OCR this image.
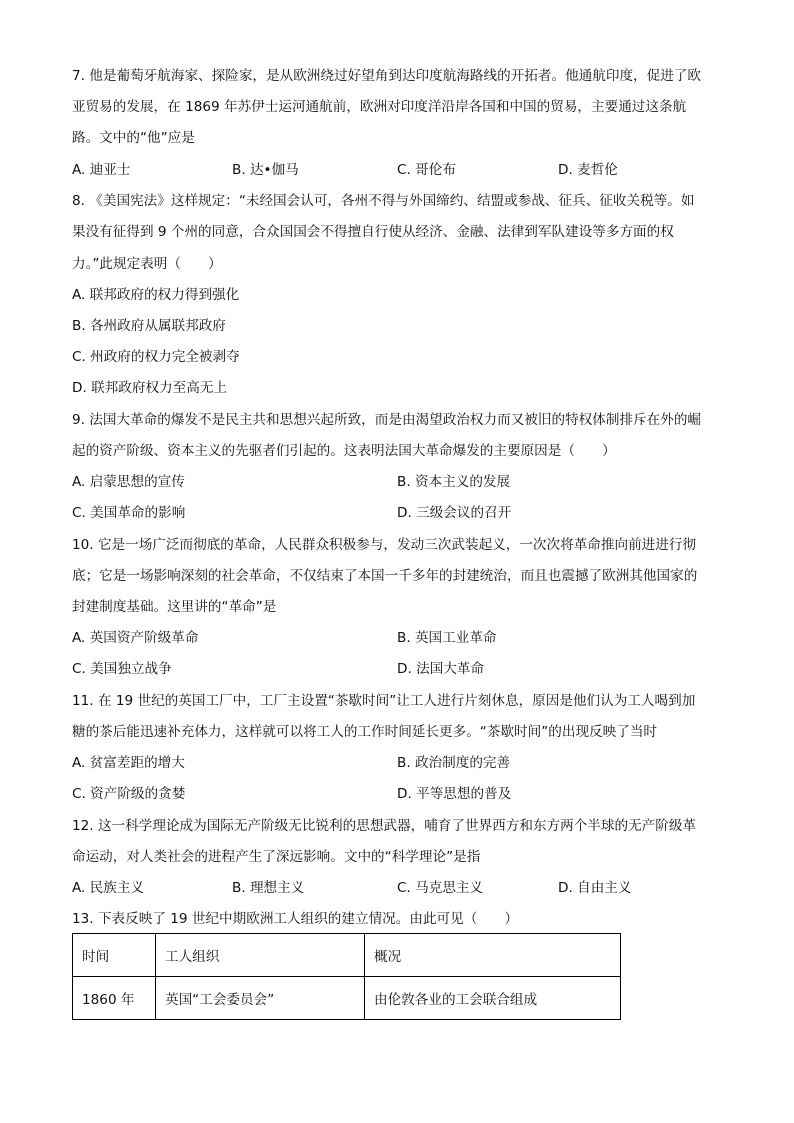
7. 他是葡萄牙航海家、探险家，是从欧洲绕过好望角到达印度航海路线的开拓者。他通航印度，促进了欧
亚贸易的发展，在 1869 年苏伊士运河通航前，欧洲对印度洋沿岸各国和中国的贸易，主要通过这条航
路。文中的“他”应是
A. 迪亚士	B. 达•伽马	C. 哥伦布	D. 麦哲伦
8. 《美国宪法》这样规定：“未经国会认可，各州不得与外国缔约、结盟或参战、征兵、征收关税等。如
果没有征得到 9 个州的同意，合众国国会不得擅自行使从经济、金融、法律到军队建设等多方面的权
力。”此规定表明（　　）
A. 联邦政府的权力得到强化
B. 各州政府从属联邦政府
C. 州政府的权力完全被剥夺
D. 联邦政府权力至高无上
9. 法国大革命的爆发不是民主共和思想兴起所致，而是由渴望政治权力而又被旧的特权体制排斥在外的崛
起的资产阶级、资本主义的先驱者们引起的。这表明法国大革命爆发的主要原因是（　　）
A. 启蒙思想的宣传	B. 资本主义的发展
C. 美国革命的影响	D. 三级会议的召开
10. 它是一场广泛而彻底的革命，人民群众积极参与，发动三次武装起义，一次次将革命推向前进进行彻
底；它是一场影响深刻的社会革命，不仅结束了本国一千多年的封建统治，而且也震撼了欧洲其他国家的
封建制度基础。这里讲的“革命”是
A. 英国资产阶级革命	B. 英国工业革命
C. 美国独立战争	D. 法国大革命
11. 在 19 世纪的英国工厂中，工厂主设置“茶歇时间”让工人进行片刻休息，原因是他们认为工人喝到加
糖的茶后能迅速补充体力，这样就可以将工人的工作时间延长更多。“茶歇时间”的出现反映了当时
A. 贫富差距的增大	B. 政治制度的完善
C. 资产阶级的贪婪	D. 平等思想的普及
12. 这一科学理论成为国际无产阶级无比锐利的思想武器，哺育了世界西方和东方两个半球的无产阶级革
命运动，对人类社会的进程产生了深远影响。文中的“科学理论”是指
A. 民族主义	B. 理想主义	C. 马克思主义	D. 自由主义
13. 下表反映了 19 世纪中期欧洲工人组织的建立情况。由此可见（　　）
时间	工人组织	概况
1860 年	英国“工会委员会”	由伦敦各业的工会联合组成
